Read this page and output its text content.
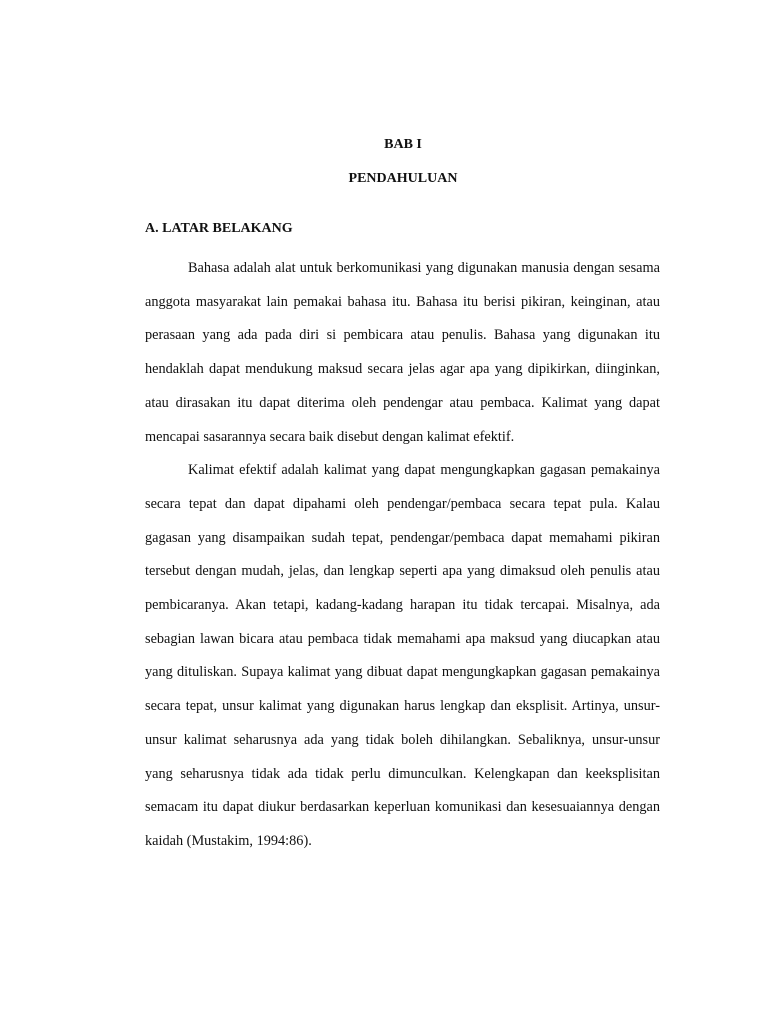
BAB I
PENDAHULUAN
A. LATAR BELAKANG

Bahasa adalah alat untuk berkomunikasi yang digunakan manusia dengan sesama anggota masyarakat lain pemakai bahasa itu. Bahasa itu berisi pikiran, keinginan, atau perasaan yang ada pada diri si pembicara atau penulis. Bahasa yang digunakan itu hendaklah dapat mendukung maksud secara jelas agar apa yang dipikirkan, diinginkan, atau dirasakan itu dapat diterima oleh pendengar atau pembaca. Kalimat yang dapat mencapai sasarannya secara baik disebut dengan kalimat efektif.

Kalimat efektif adalah kalimat yang dapat mengungkapkan gagasan pemakainya secara tepat dan dapat dipahami oleh pendengar/pembaca secara tepat pula. Kalau gagasan yang disampaikan sudah tepat, pendengar/pembaca dapat memahami pikiran tersebut dengan mudah, jelas, dan lengkap seperti apa yang dimaksud oleh penulis atau pembicaranya. Akan tetapi, kadang-kadang harapan itu tidak tercapai. Misalnya, ada sebagian lawan bicara atau pembaca tidak memahami apa maksud yang diucapkan atau yang dituliskan. Supaya kalimat yang dibuat dapat mengungkapkan gagasan pemakainya secara tepat, unsur kalimat yang digunakan harus lengkap dan eksplisit. Artinya, unsur-unsur kalimat seharusnya ada yang tidak boleh dihilangkan. Sebaliknya, unsur-unsur yang seharusnya tidak ada tidak perlu dimunculkan. Kelengkapan dan keeksplisitan semacam itu dapat diukur berdasarkan keperluan komunikasi dan kesesuaiannya dengan kaidah (Mustakim, 1994:86).
